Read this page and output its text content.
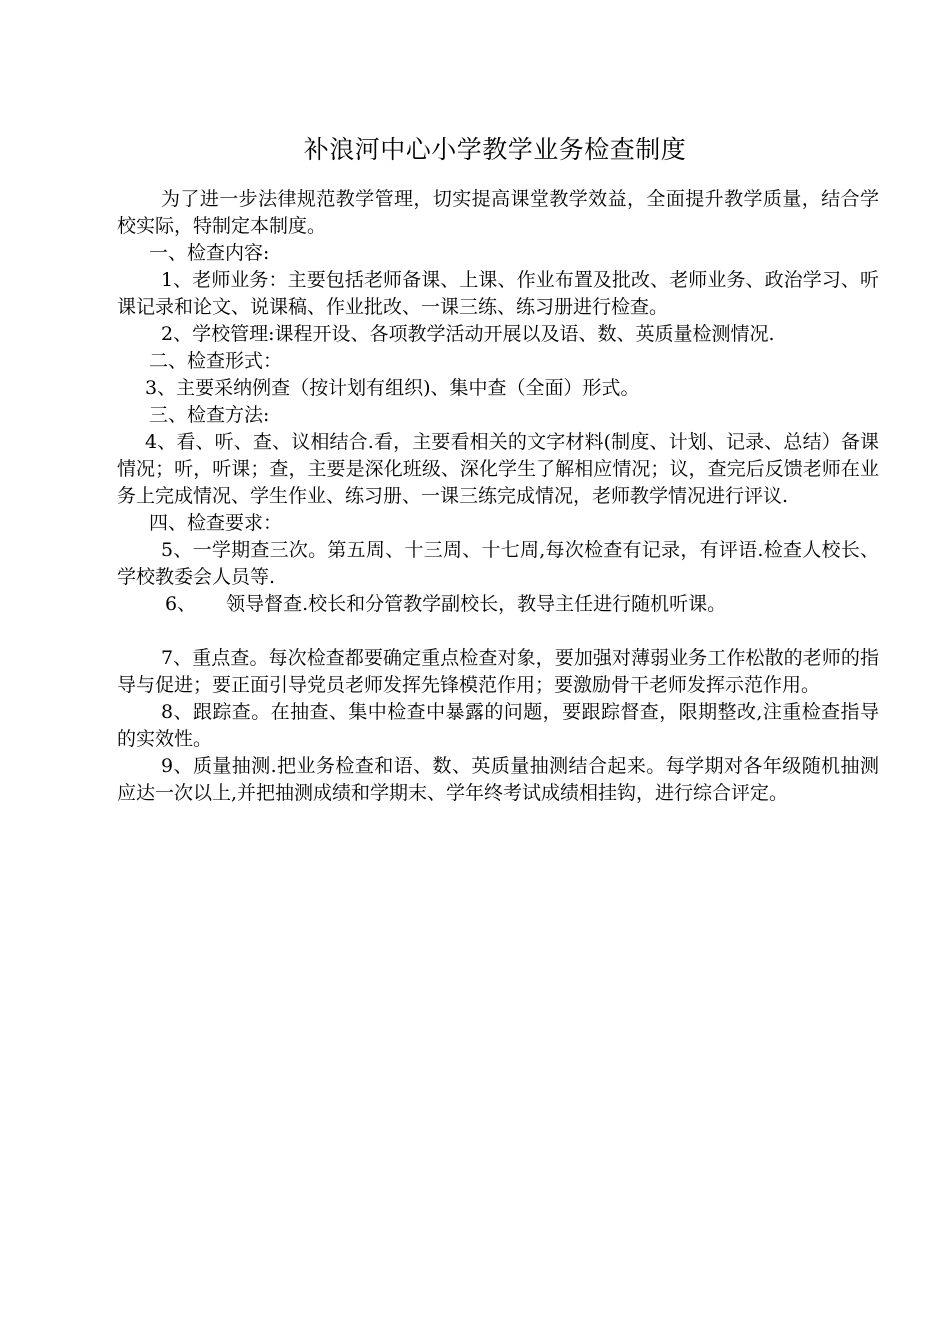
补浪河中心小学教学业务检查制度

为了进一步法律规范教学管理，切实提高课堂教学效益，全面提升教学质量，结合学校实际，特制定本制度。

一、检查内容:

1、老师业务：主要包括老师备课、上课、作业布置及批改、老师业务、政治学习、听课记录和论文、说课稿、作业批改、一课三练、练习册进行检查。

2、学校管理:课程开设、各项教学活动开展以及语、数、英质量检测情况.

二、检查形式：

3、主要采纳例查（按计划有组织)、集中查（全面）形式。

三、检查方法:

4、看、听、查、议相结合.看，主要看相关的文字材料(制度、计划、记录、总结）备课情况；听，听课；查，主要是深化班级、深化学生了解相应情况；议，查完后反馈老师在业务上完成情况、学生作业、练习册、一课三练完成情况，老师教学情况进行评议.

四、检查要求：

5、一学期查三次。第五周、十三周、十七周,每次检查有记录，有评语.检查人校长、学校教委会人员等.

6、 领导督查.校长和分管教学副校长，教导主任进行随机听课。

7、重点查。每次检查都要确定重点检查对象，要加强对薄弱业务工作松散的老师的指导与促进；要正面引导党员老师发挥先锋模范作用；要激励骨干老师发挥示范作用。

8、跟踪查。在抽查、集中检查中暴露的问题，要跟踪督查，限期整改,注重检查指导的实效性。

9、质量抽测.把业务检查和语、数、英质量抽测结合起来。每学期对各年级随机抽测应达一次以上,并把抽测成绩和学期末、学年终考试成绩相挂钩，进行综合评定。
